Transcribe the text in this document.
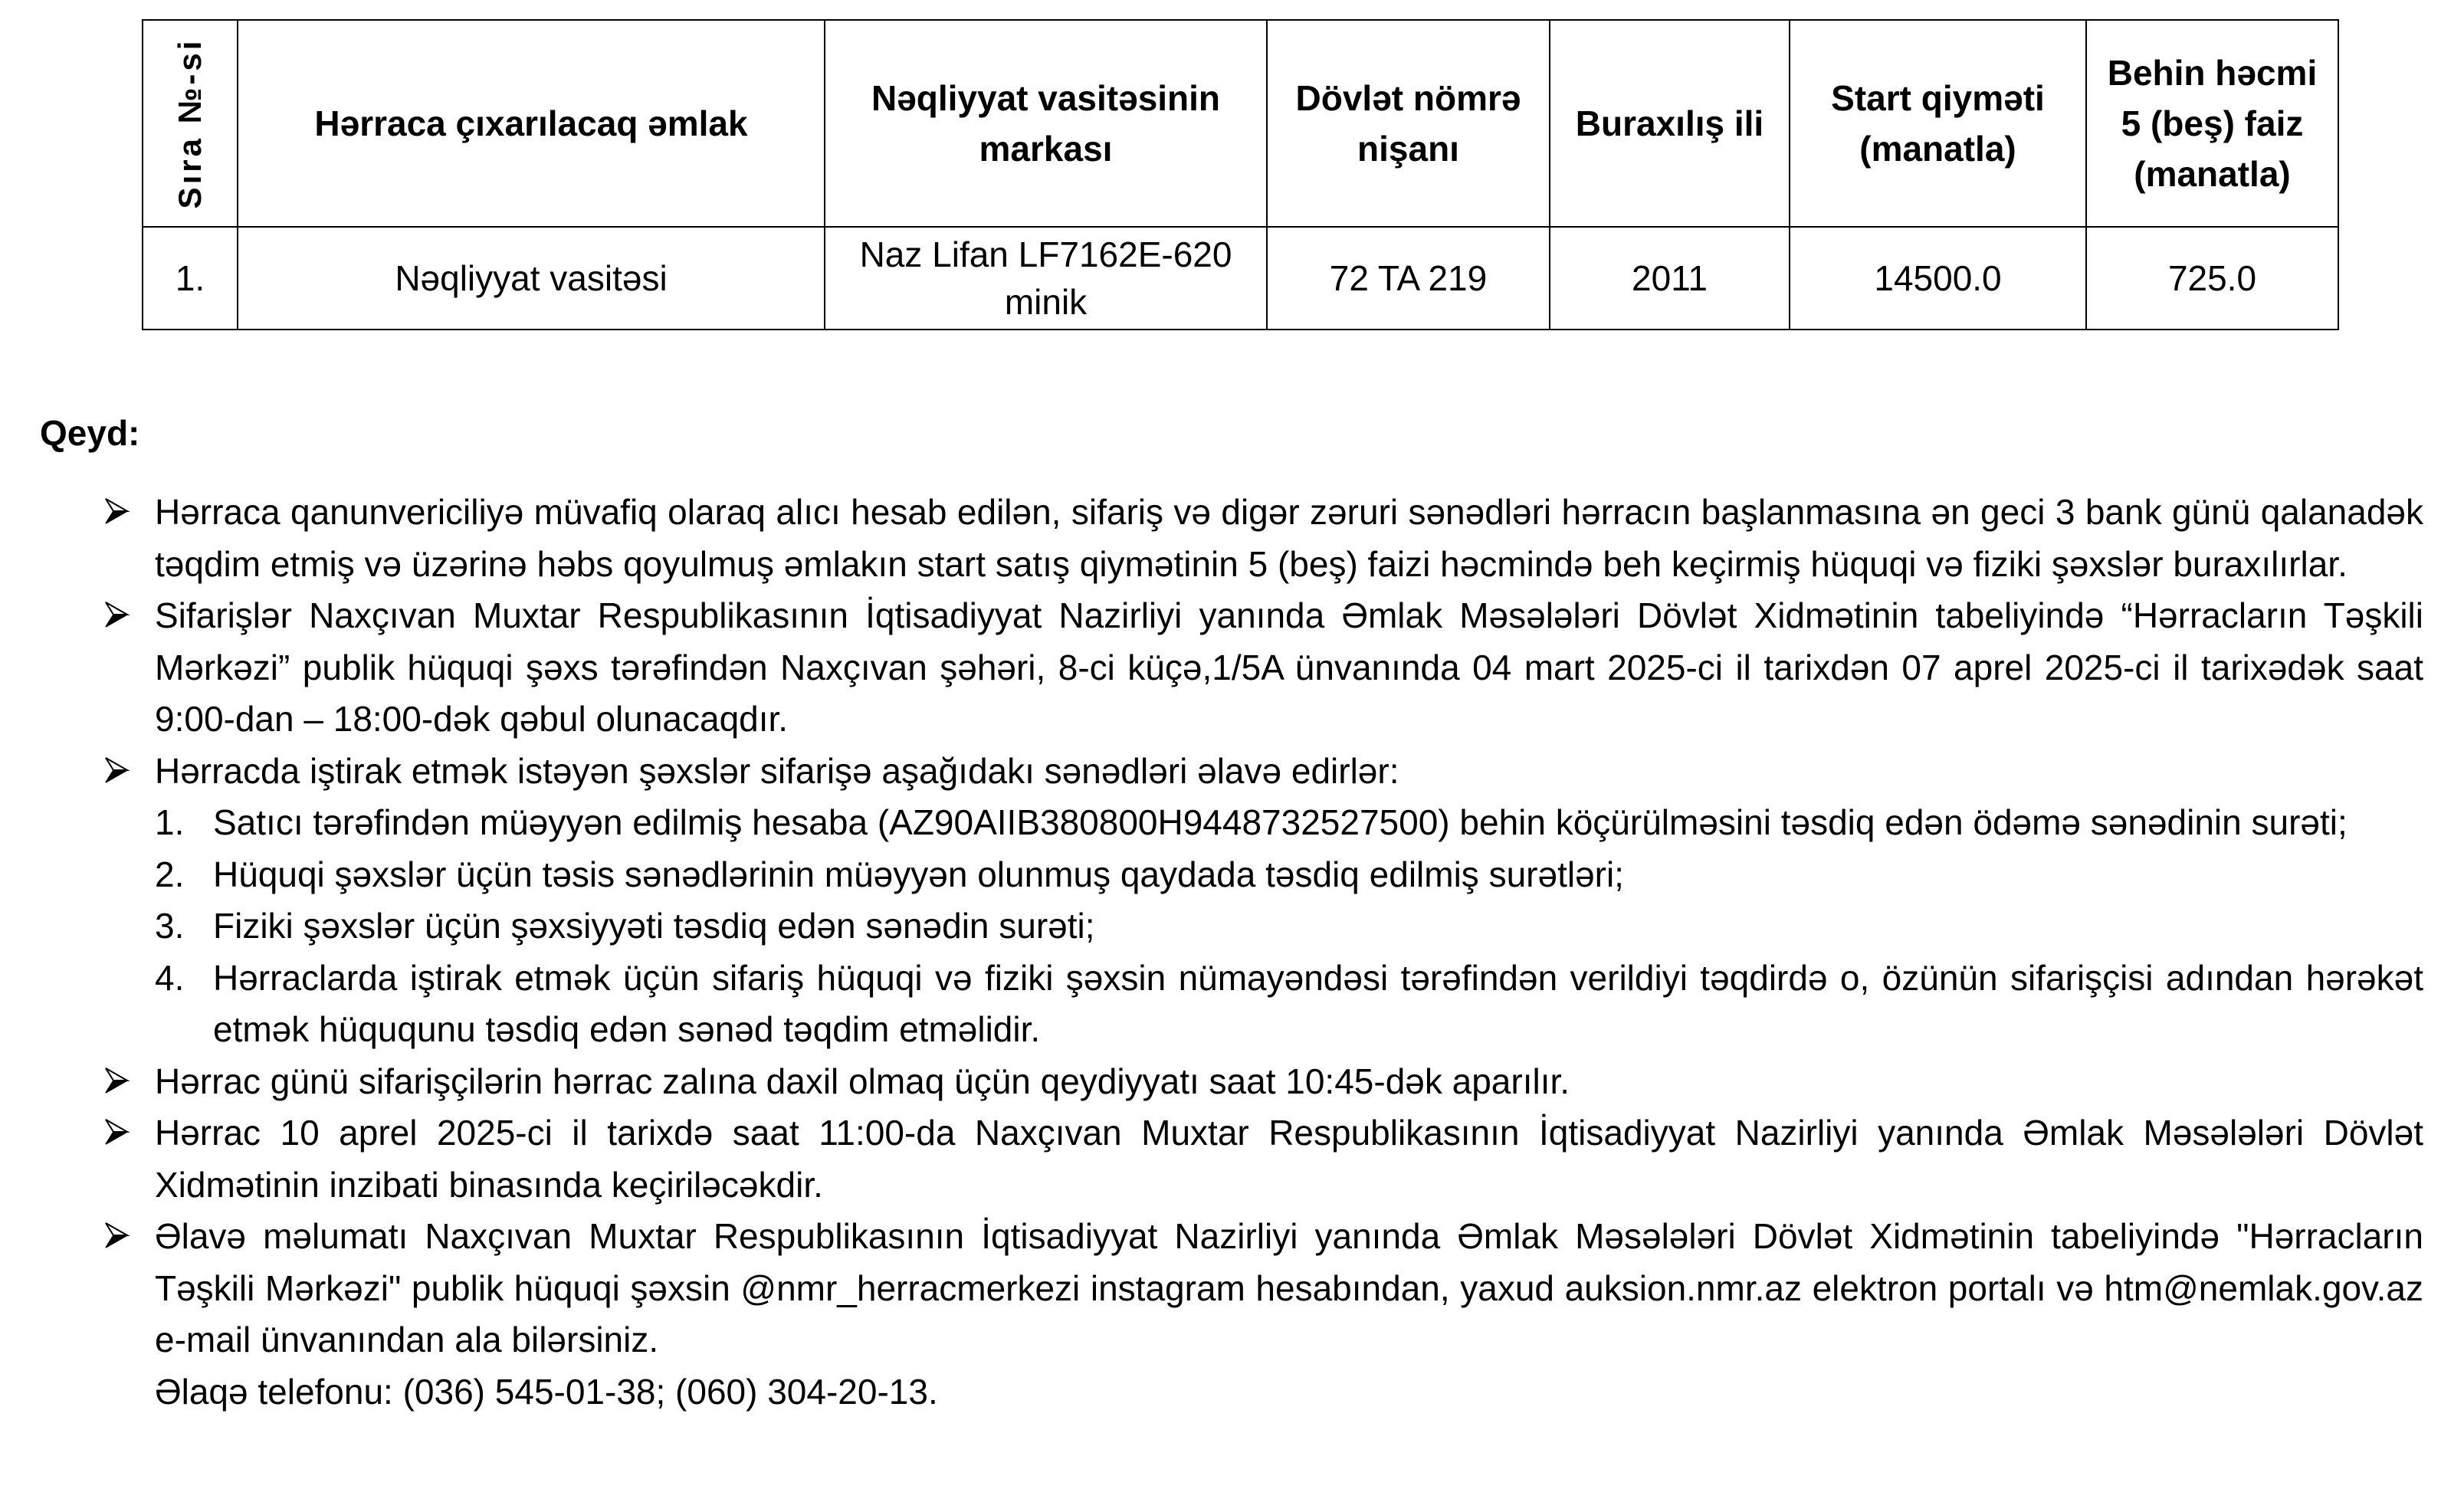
Sıra №-si	Hərraca çıxarılacaq əmlak	Nəqliyyat vasitəsinin markası	Dövlət nömrə nişanı	Buraxılış ili	Start qiyməti (manatla)	Behin həcmi 5 (beş) faiz (manatla)
1.	Nəqliyyat vasitəsi	Naz Lifan LF7162E-620 minik	72 TA 219	2011	14500.0	725.0
Qeyd:
Hərraca qanunvericiliyə müvafiq olaraq alıcı hesab edilən, sifariş və digər zəruri sənədləri hərracın başlanmasına ən geci 3 bank günü qalanadək təqdim etmiş və üzərinə həbs qoyulmuş əmlakın start satış qiymətinin 5 (beş) faizi həcmində beh keçirmiş hüquqi və fiziki şəxslər buraxılırlar.
Sifarişlər Naxçıvan Muxtar Respublikasının İqtisadiyyat Nazirliyi yanında Əmlak Məsələləri Dövlət Xidmətinin tabeliyində “Hərracların Təşkili Mərkəzi” publik hüquqi şəxs tərəfindən Naxçıvan şəhəri, 8-ci küçə,1/5A ünvanında 04 mart 2025-ci il tarixdən 07 aprel 2025-ci il tarixədək saat 9:00-dan – 18:00-dək qəbul olunacaqdır.
Hərracda iştirak etmək istəyən şəxslər sifarişə aşağıdakı sənədləri əlavə edirlər:
1. Satıcı tərəfindən müəyyən edilmiş hesaba (AZ90AIIB380800H9448732527500) behin köçürülməsini təsdiq edən ödəmə sənədinin surəti;
2. Hüquqi şəxslər üçün təsis sənədlərinin müəyyən olunmuş qaydada təsdiq edilmiş surətləri;
3. Fiziki şəxslər üçün şəxsiyyəti təsdiq edən sənədin surəti;
4. Hərraclarda iştirak etmək üçün sifariş hüquqi və fiziki şəxsin nümayəndəsi tərəfindən verildiyi təqdirdə o, özünün sifarişçisi adından hərəkət etmək hüququnu təsdiq edən sənəd təqdim etməlidir.
Hərrac günü sifarişçilərin hərrac zalına daxil olmaq üçün qeydiyyatı saat 10:45-dək aparılır.
Hərrac 10 aprel 2025-ci il tarixdə saat 11:00-da Naxçıvan Muxtar Respublikasının İqtisadiyyat Nazirliyi yanında Əmlak Məsələləri Dövlət Xidmətinin inzibati binasında keçiriləcəkdir.
Əlavə məlumatı Naxçıvan Muxtar Respublikasının İqtisadiyyat Nazirliyi yanında Əmlak Məsələləri Dövlət Xidmətinin tabeliyində "Hərracların Təşkili Mərkəzi" publik hüquqi şəxsin @nmr_herracmerkezi instagram hesabından, yaxud auksion.nmr.az elektron portalı və htm@nemlak.gov.az e-mail ünvanından ala bilərsiniz.
Əlaqə telefonu: (036) 545-01-38; (060) 304-20-13.
